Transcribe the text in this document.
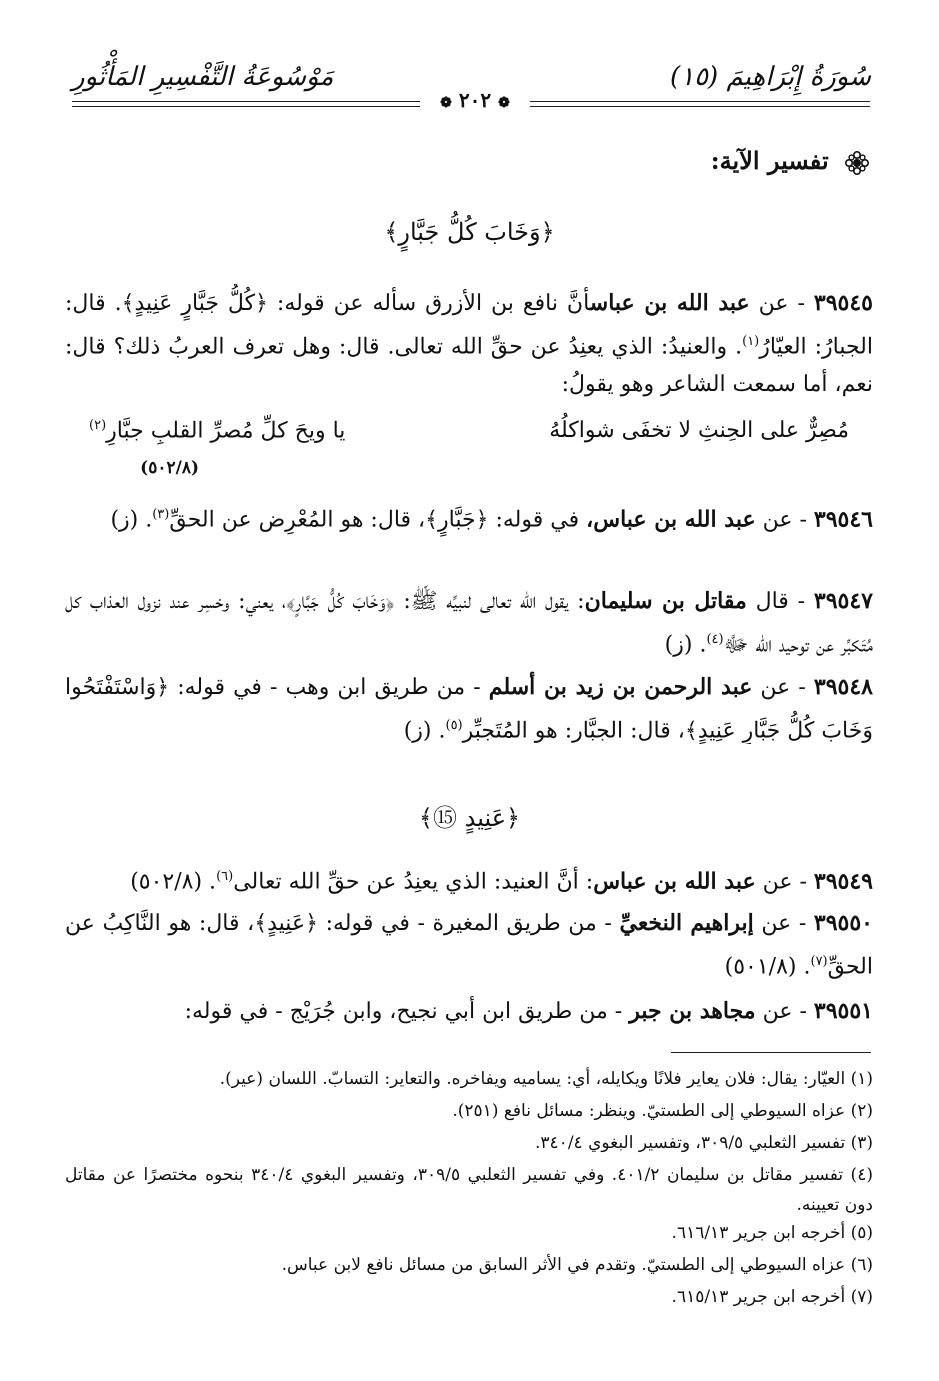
سُورَةُ إِبْرَاهِيمَ (١٥)
مَوْسُوعَةُ التَّفْسِيرِ المَأْثُورِ
❁ ٢٠٢ ❁
تفسير الآية:
﴿وَخَابَ كُلُّ جَبَّارٍ﴾
٣٩٥٤٥ - عن عبد الله بن عباسأنَّ نافع بن الأزرق سأله عن قوله: ﴿كُلُّ جَبَّارٍ عَنِيدٍ﴾. قال: الجبارُ: العيّارُ$^{(١)}$. والعنيدُ: الذي يعنِدُ عن حقِّ الله تعالى. قال: وهل تعرف العربُ ذلك؟ قال: نعم، أما سمعت الشاعر وهو يقولُ:
يا ويحَ كلِّ مُصرِّ القلبِ جبَّارِ$^{(٢)}$	مُصِرٌّ على الحِنثِ لا تخفَى شواكلُهُ
(٥٠٢/٨)
٣٩٥٤٦ - عن عبد الله بن عباس، في قوله: ﴿جَبَّارٍ﴾، قال: هو المُعْرِض عن الحقِّ$^{(٣)}$. (ز)
٣٩٥٤٧ - قال مقاتل بن سليمان: يقول الله تعالى لنبيِّه ﷺ: ﴿وَخَابَ كُلُّ جَبَّارٍ﴾، يعني: وخسِر عند نزول العذاب كل مُتَكبِّر عن توحيد الله ﷻ$^{(٤)}$. (ز)
٣٩٥٤٨ - عن عبد الرحمن بن زيد بن أسلم - من طريق ابن وهب - في قوله: ﴿وَاسْتَفْتَحُوا وَخَابَ كُلُّ جَبَّارٍ عَنِيدٍ﴾، قال: الجبَّار: هو المُتَجبِّر$^{(٥)}$. (ز)
﴿عَنِيدٍ ⑮﴾
٣٩٥٤٩ - عن عبد الله بن عباس: أنَّ العنيد: الذي يعنِدُ عن حقِّ الله تعالى$^{(٦)}$. (٥٠٢/٨)
٣٩٥٥٠ - عن إبراهيم النخعيِّ - من طريق المغيرة - في قوله: ﴿عَنِيدٍ﴾، قال: هو النَّاكِبُ عن الحقِّ$^{(٧)}$. (٥٠١/٨)
٣٩٥٥١ - عن مجاهد بن جبر - من طريق ابن أبي نجيح، وابن جُرَيْج - في قوله:
(١) العيّار: يقال: فلان يعاير فلانًا ويكايله، أي: يساميه ويفاخره. والتعاير: التسابّ. اللسان (عير).
(٢) عزاه السيوطي إلى الطستيّ. وينظر: مسائل نافع (٢٥١).
(٣) تفسير الثعلبي ٣٠٩/٥، وتفسير البغوي ٣٤٠/٤.
(٤) تفسير مقاتل بن سليمان ٤٠١/٢. وفي تفسير الثعلبي ٣٠٩/٥، وتفسير البغوي ٣٤٠/٤ بنحوه مختصرًا عن مقاتل دون تعيينه.
(٥) أخرجه ابن جرير ٦١٦/١٣.
(٦) عزاه السيوطي إلى الطستيّ. وتقدم في الأثر السابق من مسائل نافع لابن عباس.
(٧) أخرجه ابن جرير ٦١٥/١٣.
